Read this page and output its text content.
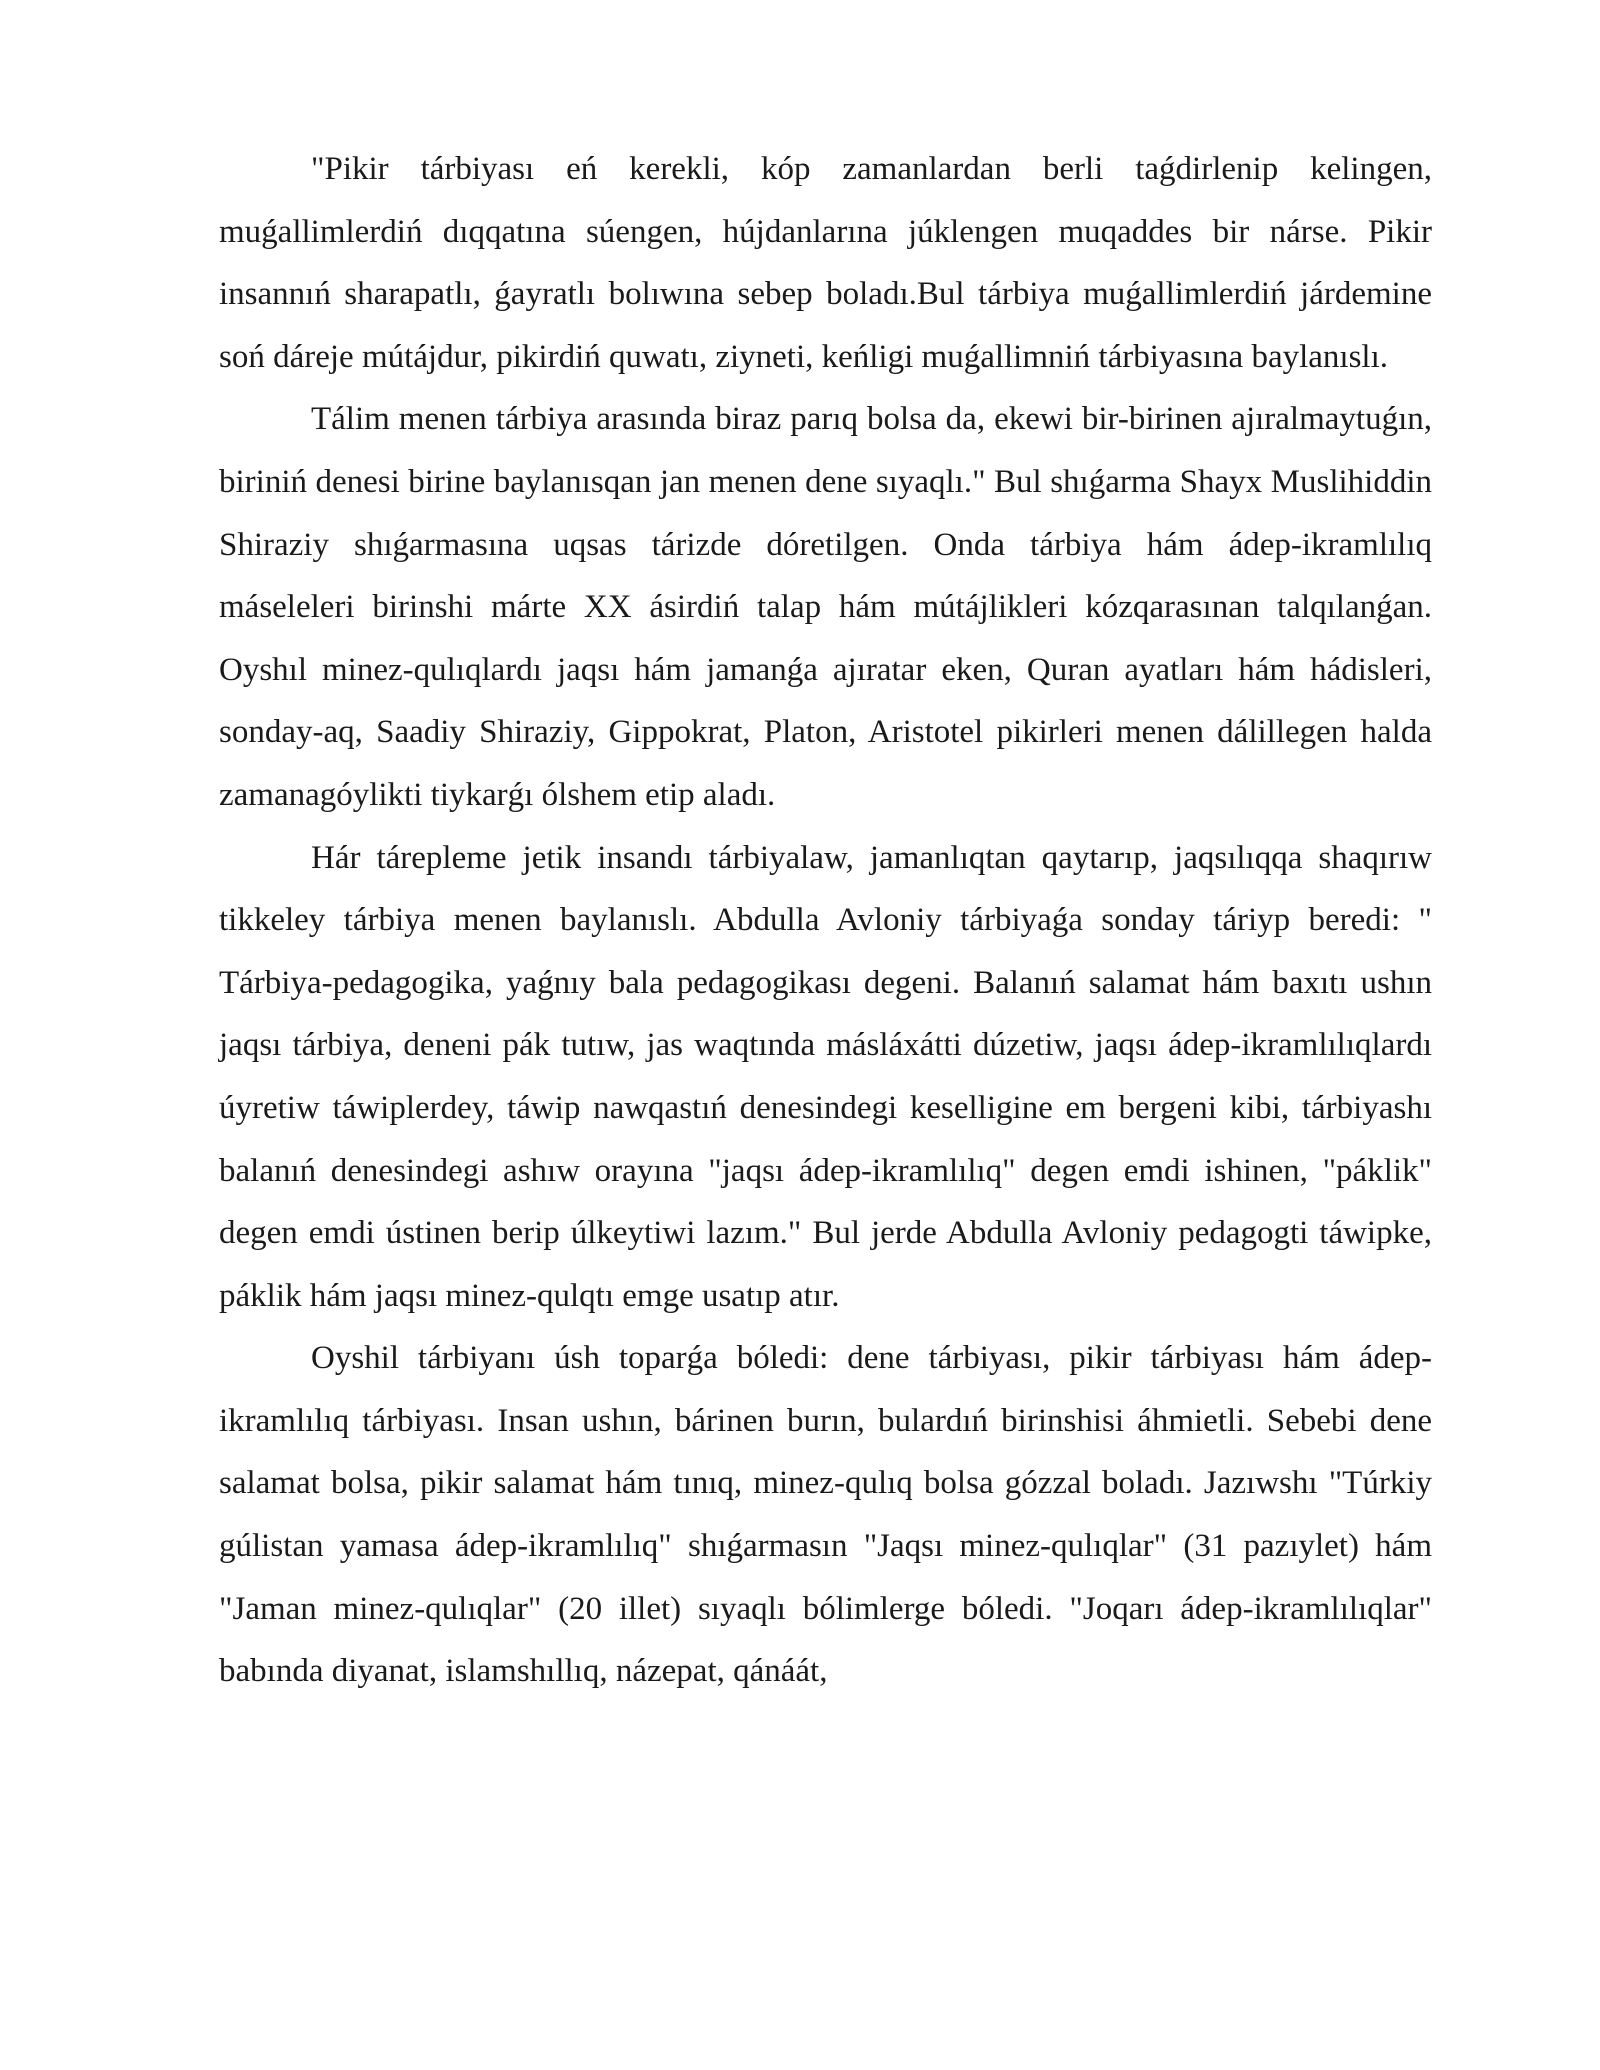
"Pikir tárbiyası eń kerekli, kóp zamanlardan berli taǵdirlenip kelingen, muǵallimlerdiń dıqqatına súengen, hújdanlarına júklengen muqaddes bir nárse. Pikir insannıń sharapatlı, ǵayratlı bolıwına sebep boladı.Bul tárbiya muǵallimlerdiń járdemine soń dáreje mútájdur, pikirdiń quwatı, ziyneti, keńligi muǵallimniń tárbiyasına baylanıslı.

Tálim menen tárbiya arasında biraz parıq bolsa da, ekewi bir-birinen ajıralmaytuǵın, biriniń denesi birine baylanısqan jan menen dene sıyaqlı." Bul shıǵarma Shayx Muslihiddin Shiraziy shıǵarmasına uqsas tárizde dóretilgen. Onda tárbiya hám ádep-ikramlılıq máseleleri birinshi márte XX ásirdiń talap hám mútájlikleri kózqarasınan talqılanǵan. Oyshıl minez-qulıqlardı jaqsı hám jamanǵa ajıratar eken, Quran ayatları hám hádisleri, sonday-aq, Saadiy Shiraziy, Gippokrat, Platon, Aristotel pikirleri menen dálillegen halda zamanagóylikti tiykarǵı ólshem etip aladı.

Hár tárepleme jetik insandı tárbiyalaw, jamanlıqtan qaytarıp, jaqsılıqqa shaqırıw tikkeley tárbiya menen baylanıslı. Abdulla Avloniy tárbiyaǵa sonday táriyp beredi: " Tárbiya-pedagogika, yaǵnıy bala pedagogikası degeni. Balanıń salamat hám baxıtı ushın jaqsı tárbiya, deneni pák tutıw, jas waqtında másláxátti dúzetiw, jaqsı ádep-ikramlılıqlardı úyretiw táwiplerdey, táwip nawqastıń denesindegi keselligine em bergeni kibi, tárbiyashı balanıń denesindegi ashıw orayına "jaqsı ádep-ikramlılıq" degen emdi ishinen, "páklik" degen emdi ústinen berip úlkeytiwi lazım." Bul jerde Abdulla Avloniy pedagogti táwipke, páklik hám jaqsı minez-qulqtı emge usatıp atır.

Oyshil tárbiyanı úsh toparǵa bóledi: dene tárbiyası, pikir tárbiyası hám ádep-ikramlılıq tárbiyası. Insan ushın, bárinen burın, bulardıń birinshisi áhmietli. Sebebi dene salamat bolsa, pikir salamat hám tınıq, minez-qulıq bolsa gózzal boladı. Jazıwshı "Túrkiy gúlistan yamasa ádep-ikramlılıq" shıǵarmasın "Jaqsı minez-qulıqlar" (31 pazıylet) hám "Jaman minez-qulıqlar" (20 illet) sıyaqlı bólimlerge bóledi. "Joqarı ádep-ikramlılıqlar" babında diyanat, islamshıllıq, názepat, qánáát,
